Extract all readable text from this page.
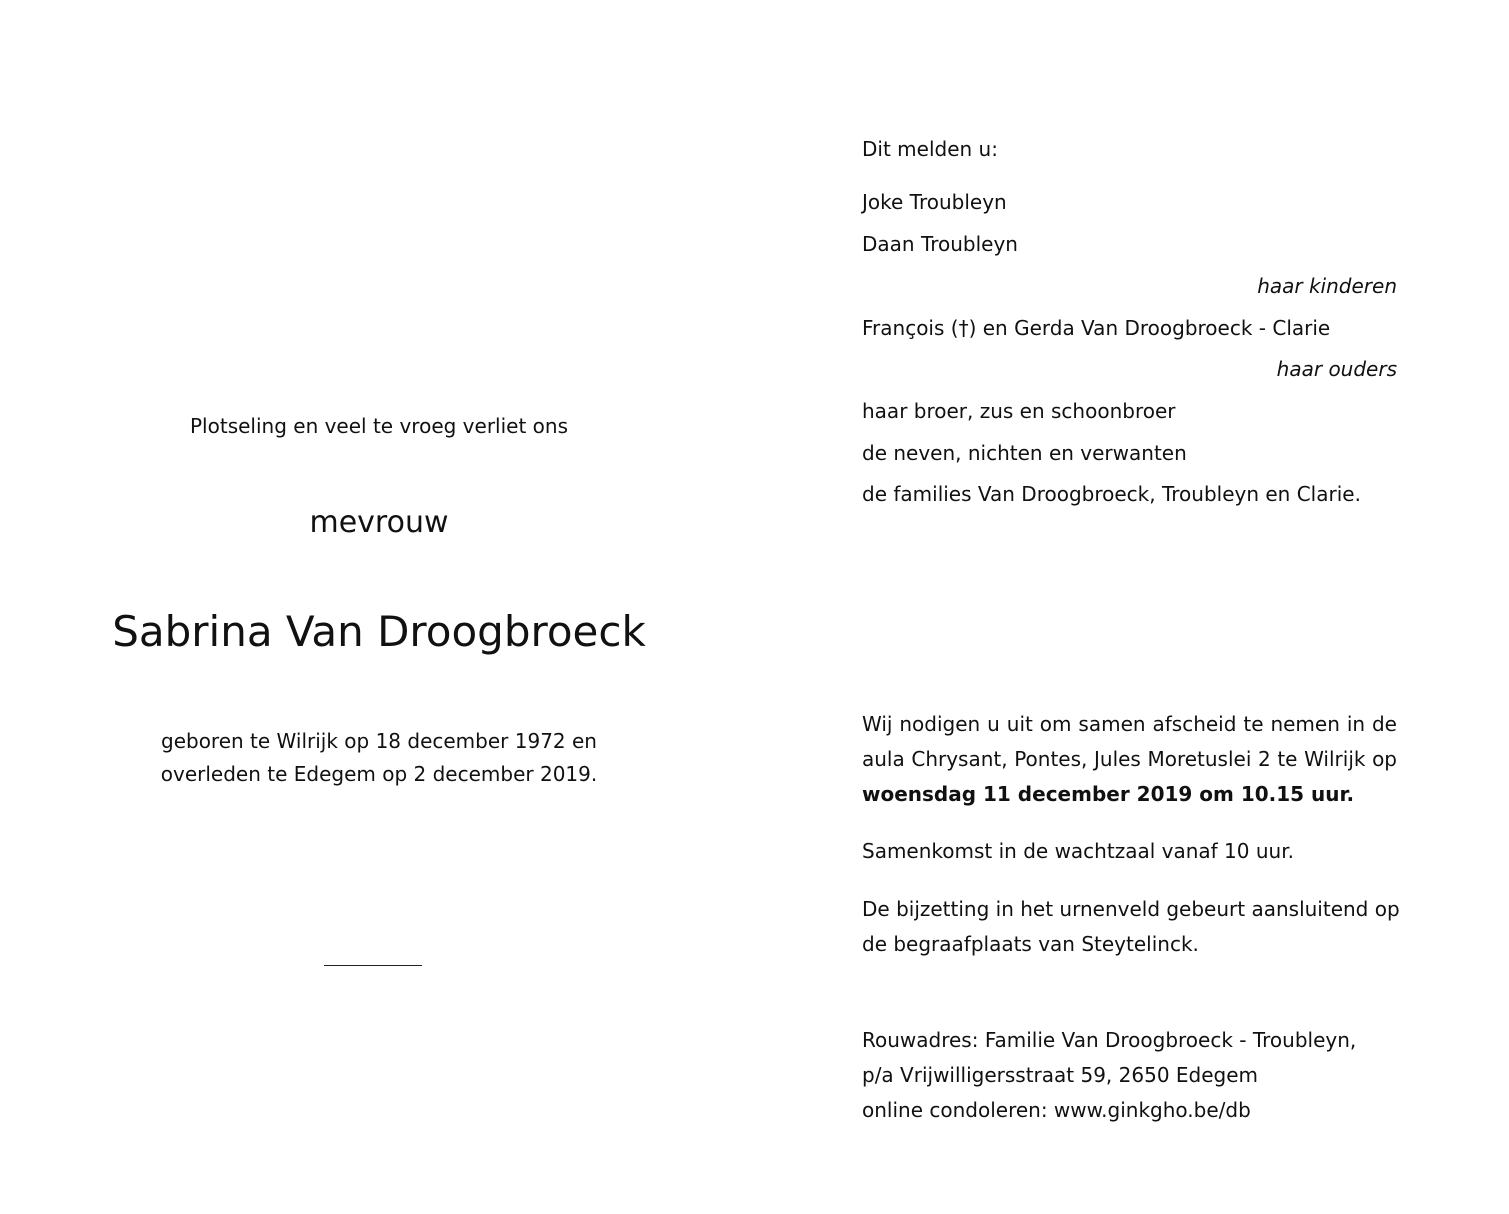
Plotseling en veel te vroeg verliet ons
mevrouw
Sabrina Van Droogbroeck
geboren te Wilrijk op 18 december 1972 en
overleden te Edegem op 2 december 2019.
Dit melden u:
Joke Troubleyn
Daan Troubleyn
haar kinderen
François (†) en Gerda Van Droogbroeck - Clarie
haar ouders
haar broer, zus en schoonbroer
de neven, nichten en verwanten
de families Van Droogbroeck, Troubleyn en Clarie.
Wij nodigen u uit om samen afscheid te nemen in de
aula Chrysant, Pontes, Jules Moretuslei 2 te Wilrijk op
woensdag 11 december 2019 om 10.15 uur.
Samenkomst in de wachtzaal vanaf 10 uur.
De bijzetting in het urnenveld gebeurt aansluitend op
de begraafplaats van Steytelinck.
Rouwadres: Familie Van Droogbroeck - Troubleyn,
p/a Vrijwilligersstraat 59, 2650 Edegem
online condoleren: www.ginkgho.be/db
